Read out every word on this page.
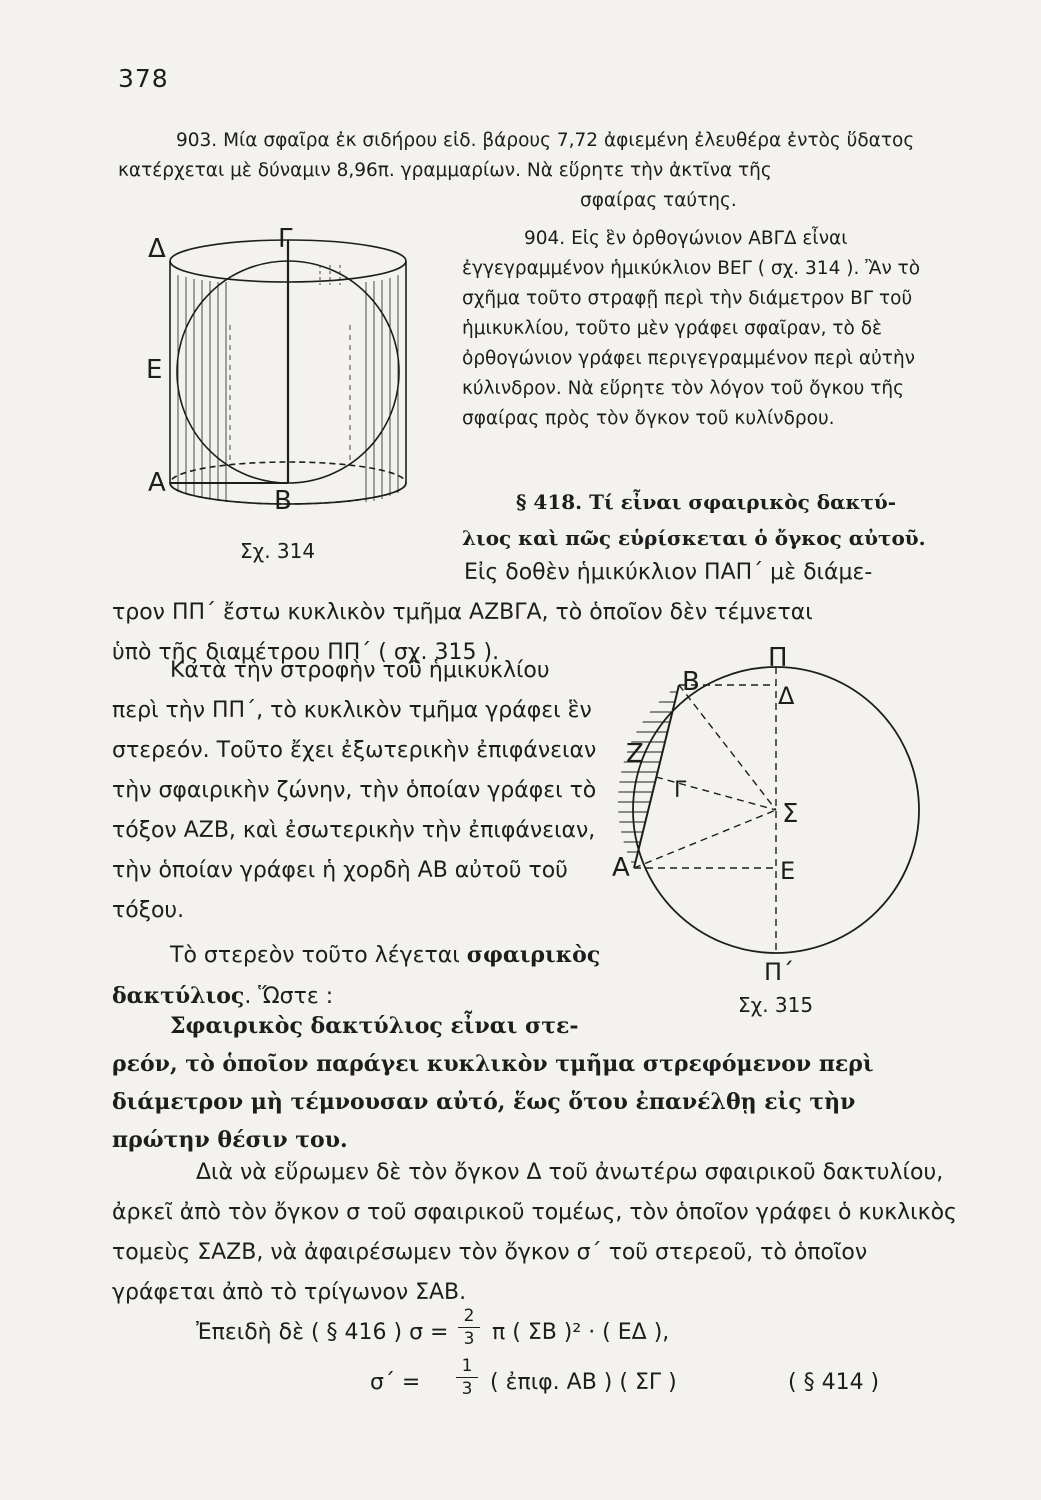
378
903. Μία σφαῖρα ἐκ σιδήρου εἰδ. βάρους 7,72 ἀφιεμένη ἐλευθέρα ἐντὸς ὕδατος κατέρχεται μὲ δύναμιν 8,96π. γραμμαρίων. Νὰ εὕρητε τὴν ἀκτῖνα τῆς
σφαίρας ταύτης.
904. Εἰς ἓν ὀρθογώνιον ΑΒΓΔ εἶναι ἐγγεγραμμένον ἡμικύκλιον ΒΕΓ ( σχ. 314 ). Ἂν τὸ σχῆμα τοῦτο στραφῇ περὶ τὴν διάμετρον ΒΓ τοῦ ἡμικυκλίου, τοῦτο μὲν γράφει σφαῖραν, τὸ δὲ ὀρθογώνιον γράφει περιγεγραμμένον περὶ αὐτὴν κύλινδρον. Νὰ εὕρητε τὸν λόγον τοῦ ὄγκου τῆς σφαίρας πρὸς τὸν ὄγκον τοῦ κυλίνδρου.
Δ	Γ
Ε
Α
Β
Σχ. 314
§ 418. Τί εἶναι σφαιρικὸς δακτύ-
λιος καὶ πῶς εὑρίσκεται ὁ ὄγκος αὐτοῦ.
Εἰς δοθὲν ἡμικύκλιον ΠΑΠ΄ μὲ διάμε-
τρον ΠΠ΄ ἔστω κυκλικὸν τμῆμα ΑΖΒΓΑ, τὸ ὁποῖον δὲν τέμνεται
ὑπὸ τῆς διαμέτρου ΠΠ΄ ( σχ. 315 ).
Κατὰ τὴν στροφὴν τοῦ ἡμικυκλίου περὶ τὴν ΠΠ΄, τὸ κυκλικὸν τμῆμα γράφει ἓν στερεόν. Τοῦτο ἔχει ἐξωτερικὴν ἐπιφάνειαν τὴν σφαιρικὴν ζώνην, τὴν ὁποίαν γράφει τὸ τόξον ΑΖΒ, καὶ ἐσωτερικὴν τὴν ἐπιφάνειαν, τὴν ὁποίαν γράφει ἡ χορδὴ ΑΒ αὐτοῦ τοῦ τόξου.
Τὸ στερεὸν τοῦτο λέγεται σφαιρικὸς δακτύλιος. Ὥστε :
Π
Β	Δ
Ζ
Γ
Σ
Α	Ε
Π΄
Σχ. 315
Σφαιρικὸς δακτύλιος εἶναι στε-
ρεόν, τὸ ὁποῖον παράγει κυκλικὸν τμῆμα στρεφόμενον περὶ διάμετρον μὴ τέμνουσαν αὐτό, ἕως ὅτου ἐπανέλθῃ εἰς τὴν πρώτην θέσιν του.
Διὰ νὰ εὕρωμεν δὲ τὸν ὄγκον Δ τοῦ ἀνωτέρω σφαιρικοῦ δακτυλίου, ἀρκεῖ ἀπὸ τὸν ὄγκον σ τοῦ σφαιρικοῦ τομέως, τὸν ὁποῖον γράφει ὁ κυκλικὸς τομεὺς ΣΑΖΒ, νὰ ἀφαιρέσωμεν τὸν ὄγκον σ΄ τοῦ στερεοῦ, τὸ ὁποῖον γράφεται ἀπὸ τὸ τρίγωνον ΣΑΒ.
Ἐπειδὴ δὲ ( § 416 ) σ =
2
3 π ( ΣΒ )² · ( ΕΔ ),
σ΄ =
1
3 ( ἐπιφ. ΑΒ ) ( ΣΓ )	( § 414 )
